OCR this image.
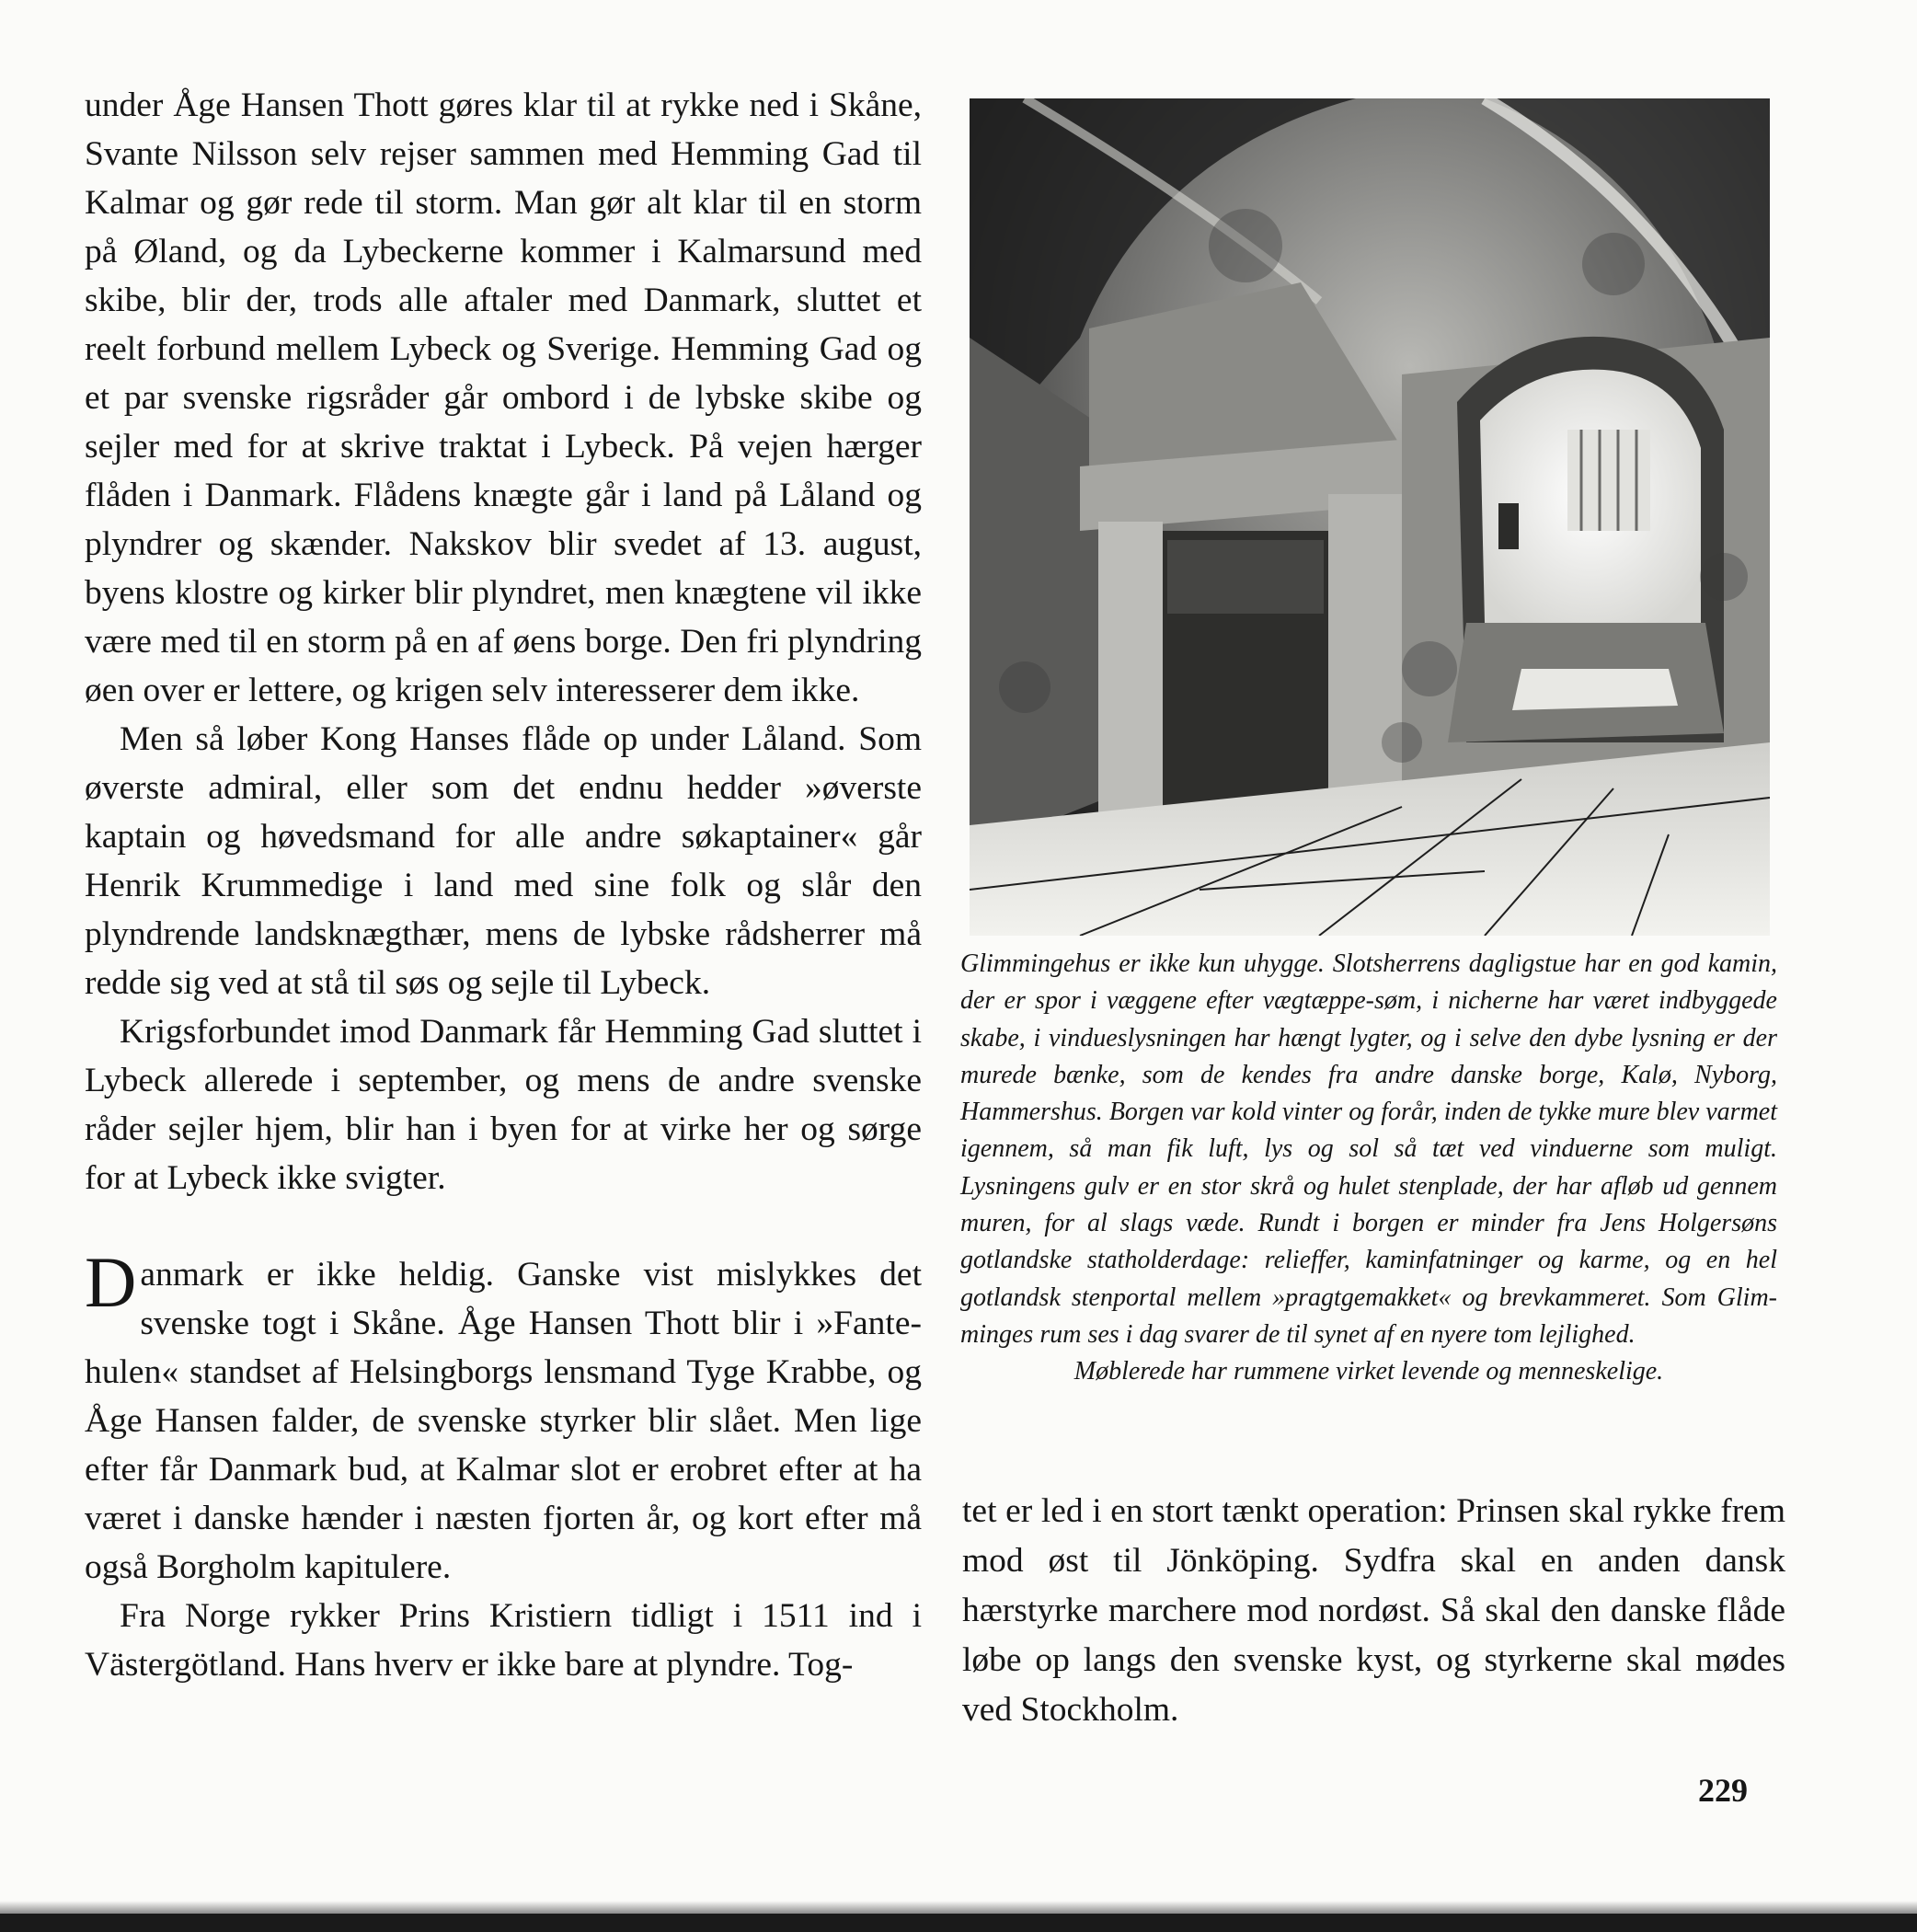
under Åge Hansen Thott gøres klar til at rykke ned i Skåne, Svante Nilsson selv rejser sammen med Hemming Gad til Kalmar og gør rede til storm. Man gør alt klar til en storm på Øland, og da Lybeckerne kommer i Kalmarsund med skibe, blir der, trods alle aftaler med Danmark, sluttet et reelt forbund mellem Lybeck og Sverige. Hemming Gad og et par svenske rigsråder går ombord i de lybske skibe og sejler med for at skrive traktat i Lybeck. På vejen hærger flåden i Danmark. Flådens knægte går i land på Låland og plyndrer og skænder. Nakskov blir svedet af 13. august, byens klostre og kirker blir plyndret, men knægtene vil ikke være med til en storm på en af øens borge. Den fri plyndring øen over er lettere, og krigen selv interesserer dem ikke.

Men så løber Kong Hanses flåde op under Låland. Som øverste admiral, eller som det endnu hedder »øverste kaptain og høvedsmand for alle andre søkaptainer« går Henrik Krummedige i land med sine folk og slår den plyndrende landsknægthær, mens de lybske rådsherrer må redde sig ved at stå til søs og sejle til Lybeck.

Krigsforbundet imod Danmark får Hemming Gad sluttet i Lybeck allerede i september, og mens de andre svenske råder sejler hjem, blir han i byen for at virke her og sørge for at Lybeck ikke svigter.

Danmark er ikke heldig. Ganske vist mislykkes det svenske togt i Skåne. Åge Hansen Thott blir i »Fantehulen« standset af Helsingborgs lensmand Tyge Krabbe, og Åge Hansen falder, de svenske styrker blir slået. Men lige efter får Danmark bud, at Kalmar slot er erobret efter at ha været i danske hænder i næsten fjorten år, og kort efter må også Borgholm kapitulere.

Fra Norge rykker Prins Kristiern tidligt i 1511 ind i Västergötland. Hans hverv er ikke bare at plyndre. Tog-

Glimmingehus er ikke kun uhygge. Slotsherrens dagligstue har en god kamin, der er spor i væggene efter vægtæppe-søm, i nicherne har været indbyggede skabe, i vindueslysningen har hængt lygter, og i selve den dybe lysning er der murede bænke, som de kendes fra andre danske borge, Kalø, Nyborg, Hammershus. Borgen var kold vinter og forår, inden de tykke mure blev varmet igennem, så man fik luft, lys og sol så tæt ved vinduerne som muligt. Lysningens gulv er en stor skrå og hulet stenplade, der har afløb ud gennem muren, for al slags væde. Rundt i borgen er minder fra Jens Holgersøns gotlandske statholderdage: relieffer, kaminfatninger og karme, og en hel gotlandsk stenportal mellem »pragtgemakket« og brevkammeret. Som Glimminges rum ses i dag svarer de til synet af en nyere tom lejlighed.
Møblerede har rummene virket levende og menneskelige.

tet er led i en stort tænkt operation: Prinsen skal rykke frem mod øst til Jönköping. Sydfra skal en anden dansk hærstyrke marchere mod nordøst. Så skal den danske flåde løbe op langs den svenske kyst, og styrkerne skal mødes ved Stockholm.

229
